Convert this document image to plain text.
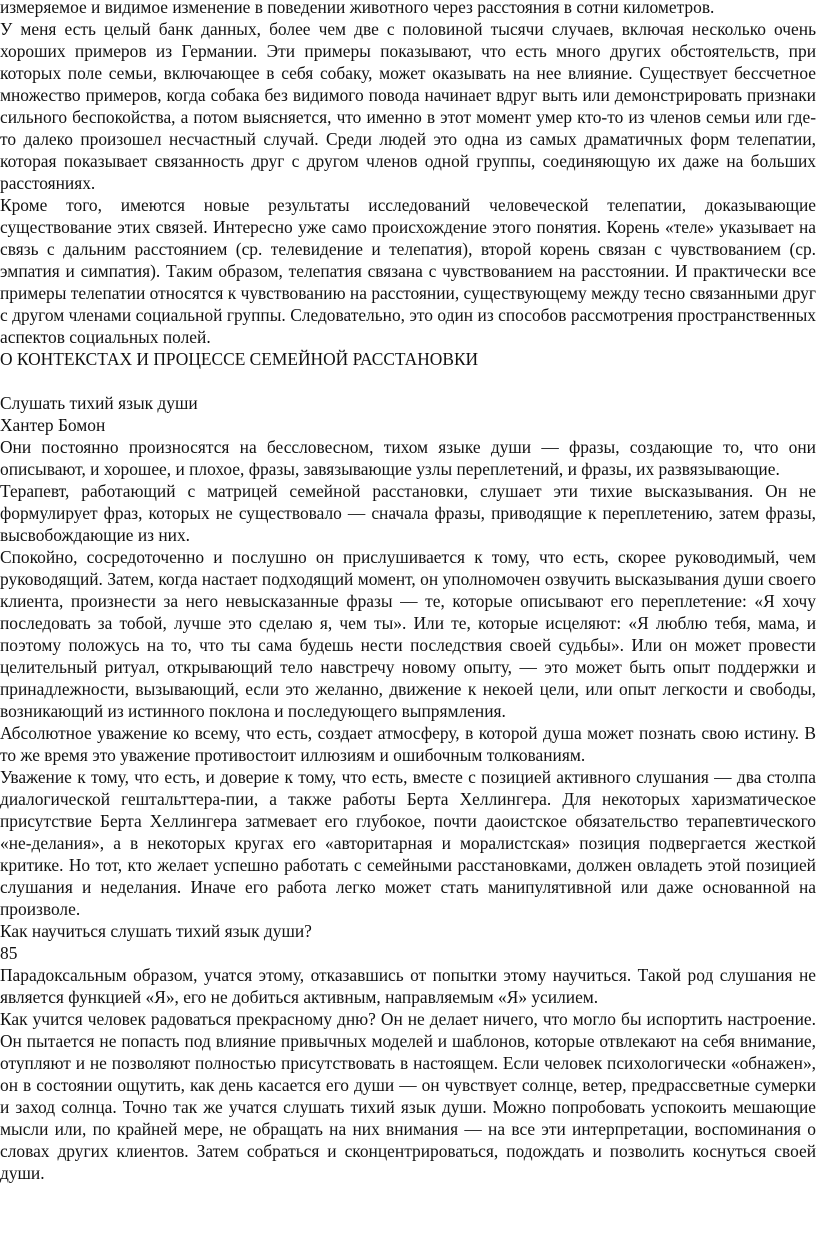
измеряемое и видимое изменение в поведении животного через расстояния в сотни километров.

У меня есть целый банк данных, более чем две с половиной тысячи случаев, включая несколько очень хороших примеров из Германии. Эти примеры показывают, что есть много других обстоятельств, при которых поле семьи, включающее в себя собаку, может оказывать на нее влияние. Существует бессчетное множество примеров, когда собака без видимого повода начинает вдруг выть или демонстрировать признаки сильного беспокойства, а потом выясняется, что именно в этот момент умер кто-то из членов семьи или где-то далеко произошел несчастный случай. Среди людей это одна из самых драматичных форм телепатии, которая показывает связанность друг с другом членов одной группы, соединяющую их даже на больших расстояниях.

Кроме того, имеются новые результаты исследований человеческой телепатии, доказывающие существование этих связей. Интересно уже само происхождение этого понятия. Корень «теле» указывает на связь с дальним расстоянием (ср. телевидение и телепатия), второй корень связан с чувствованием (ср. эмпатия и симпатия). Таким образом, телепатия связана с чувствованием на расстоянии. И практически все примеры телепатии относятся к чувствованию на расстоянии, существующему между тесно связанными друг с другом членами социальной группы. Следовательно, это один из способов рассмотрения пространственных аспектов социальных полей.

О КОНТЕКСТАХ И ПРОЦЕССЕ СЕМЕЙНОЙ РАССТАНОВКИ

Слушать тихий язык души

Хантер Бомон

Они постоянно произносятся на бессловесном, тихом языке души — фразы, создающие то, что они описывают, и хорошее, и плохое, фразы, завязывающие узлы переплетений, и фразы, их развязывающие.

Терапевт, работающий с матрицей семейной расстановки, слушает эти тихие высказывания. Он не формулирует фраз, которых не существовало — сначала фразы, приводящие к переплетению, затем фразы, высвобождающие из них.

Спокойно, сосредоточенно и послушно он прислушивается к тому, что есть, скорее руководимый, чем руководящий. Затем, когда настает подходящий момент, он уполномочен озвучить высказывания души своего клиента, произнести за него невысказанные фразы — те, которые описывают его переплетение: «Я хочу последовать за тобой, лучше это сделаю я, чем ты». Или те, которые исцеляют: «Я люблю тебя, мама, и поэтому положусь на то, что ты сама будешь нести последствия своей судьбы». Или он может провести целительный ритуал, открывающий тело навстречу новому опыту, — это может быть опыт поддержки и принадлежности, вызывающий, если это желанно, движение к некоей цели, или опыт легкости и свободы, возникающий из истинного поклона и последующего выпрямления.

Абсолютное уважение ко всему, что есть, создает атмосферу, в которой душа может познать свою истину. В то же время это уважение противостоит иллюзиям и ошибочным толкованиям.

Уважение к тому, что есть, и доверие к тому, что есть, вместе с позицией активного слушания — два столпа диалогической гештальттера-пии, а также работы Берта Хеллингера. Для некоторых харизматическое присутствие Берта Хеллингера затмевает его глубокое, почти даоистское обязательство терапевтического «не-делания», а в некоторых кругах его «авторитарная и моралистская» позиция подвергается жесткой критике. Но тот, кто желает успешно работать с семейными расстановками, должен овладеть этой позицией слушания и неделания. Иначе его работа легко может стать манипулятивной или даже основанной на произволе.

Как научиться слушать тихий язык души?

85

Парадоксальным образом, учатся этому, отказавшись от попытки этому научиться. Такой род слушания не является функцией «Я», его не добиться активным, направляемым «Я» усилием.

Как учится человек радоваться прекрасному дню? Он не делает ничего, что могло бы испортить настроение. Он пытается не попасть под влияние привычных моделей и шаблонов, которые отвлекают на себя внимание, отупляют и не позволяют полностью присутствовать в настоящем. Если человек психологически «обнажен», он в состоянии ощутить, как день касается его души — он чувствует солнце, ветер, предрассветные сумерки и заход солнца. Точно так же учатся слушать тихий язык души. Можно попробовать успокоить мешающие мысли или, по крайней мере, не обращать на них внимания — на все эти интерпретации, воспоминания о словах других клиентов. Затем собраться и сконцентрироваться, подождать и позволить коснуться своей души.
